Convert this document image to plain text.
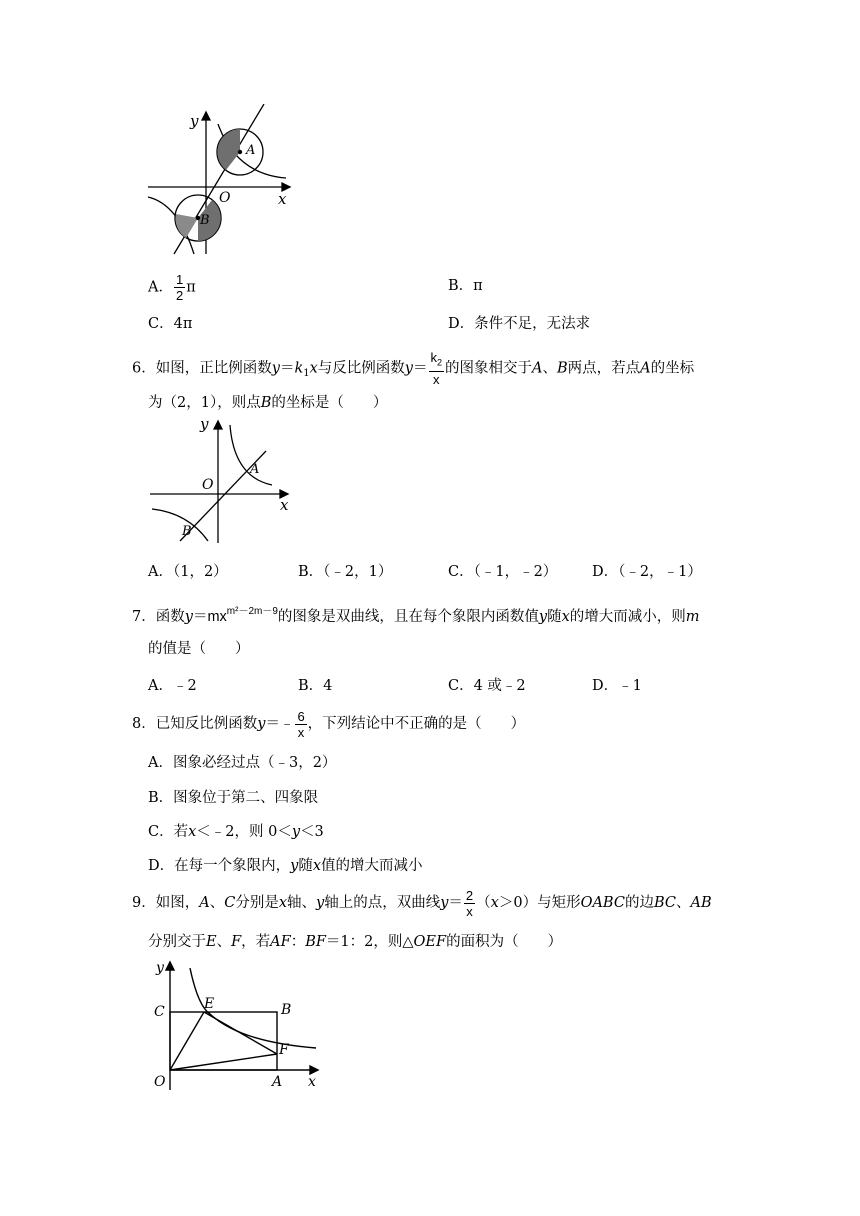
y
x
O
A
B
A． $\frac{1}{2}$ π	B．π
C．4π	D．条件不足，无法求
6．如图，正比例函数$y=k_1x$与反比例函数$y= \frac{k_2}{x}$ 的图象相交于A、B两点，若点A的坐标
为（2，1），则点B的坐标是（　　）
y
x
O
A
B
A．（1，2）	B．（﹣2，1）	C．（﹣1，﹣2） D．（﹣2，﹣1）
7．函数$y=mx^{m^2-2m-9}$的图象是双曲线，且在每个象限内函数值y随x的增大而减小，则m
的值是（　　）
A．﹣2	B．4	C．4 或﹣2	D．﹣1
8．已知反比例函数y＝﹣ $\frac{6}{x}$ ，下列结论中不正确的是（　　）
A．图象必经过点（﹣3，2）
B．图象位于第二、四象限
C．若x＜﹣2，则 0＜y＜3
D．在每一个象限内，y随x值的增大而减小
9．如图，A、C分别是x轴、y轴上的点，双曲线$y= \frac{2}{x} (x>0)$与矩形OABC的边BC、AB
分别交于E、F，若AF：BF＝1：2，则△OEF的面积为（　　）
y
x
O	A
B
C	E
F
